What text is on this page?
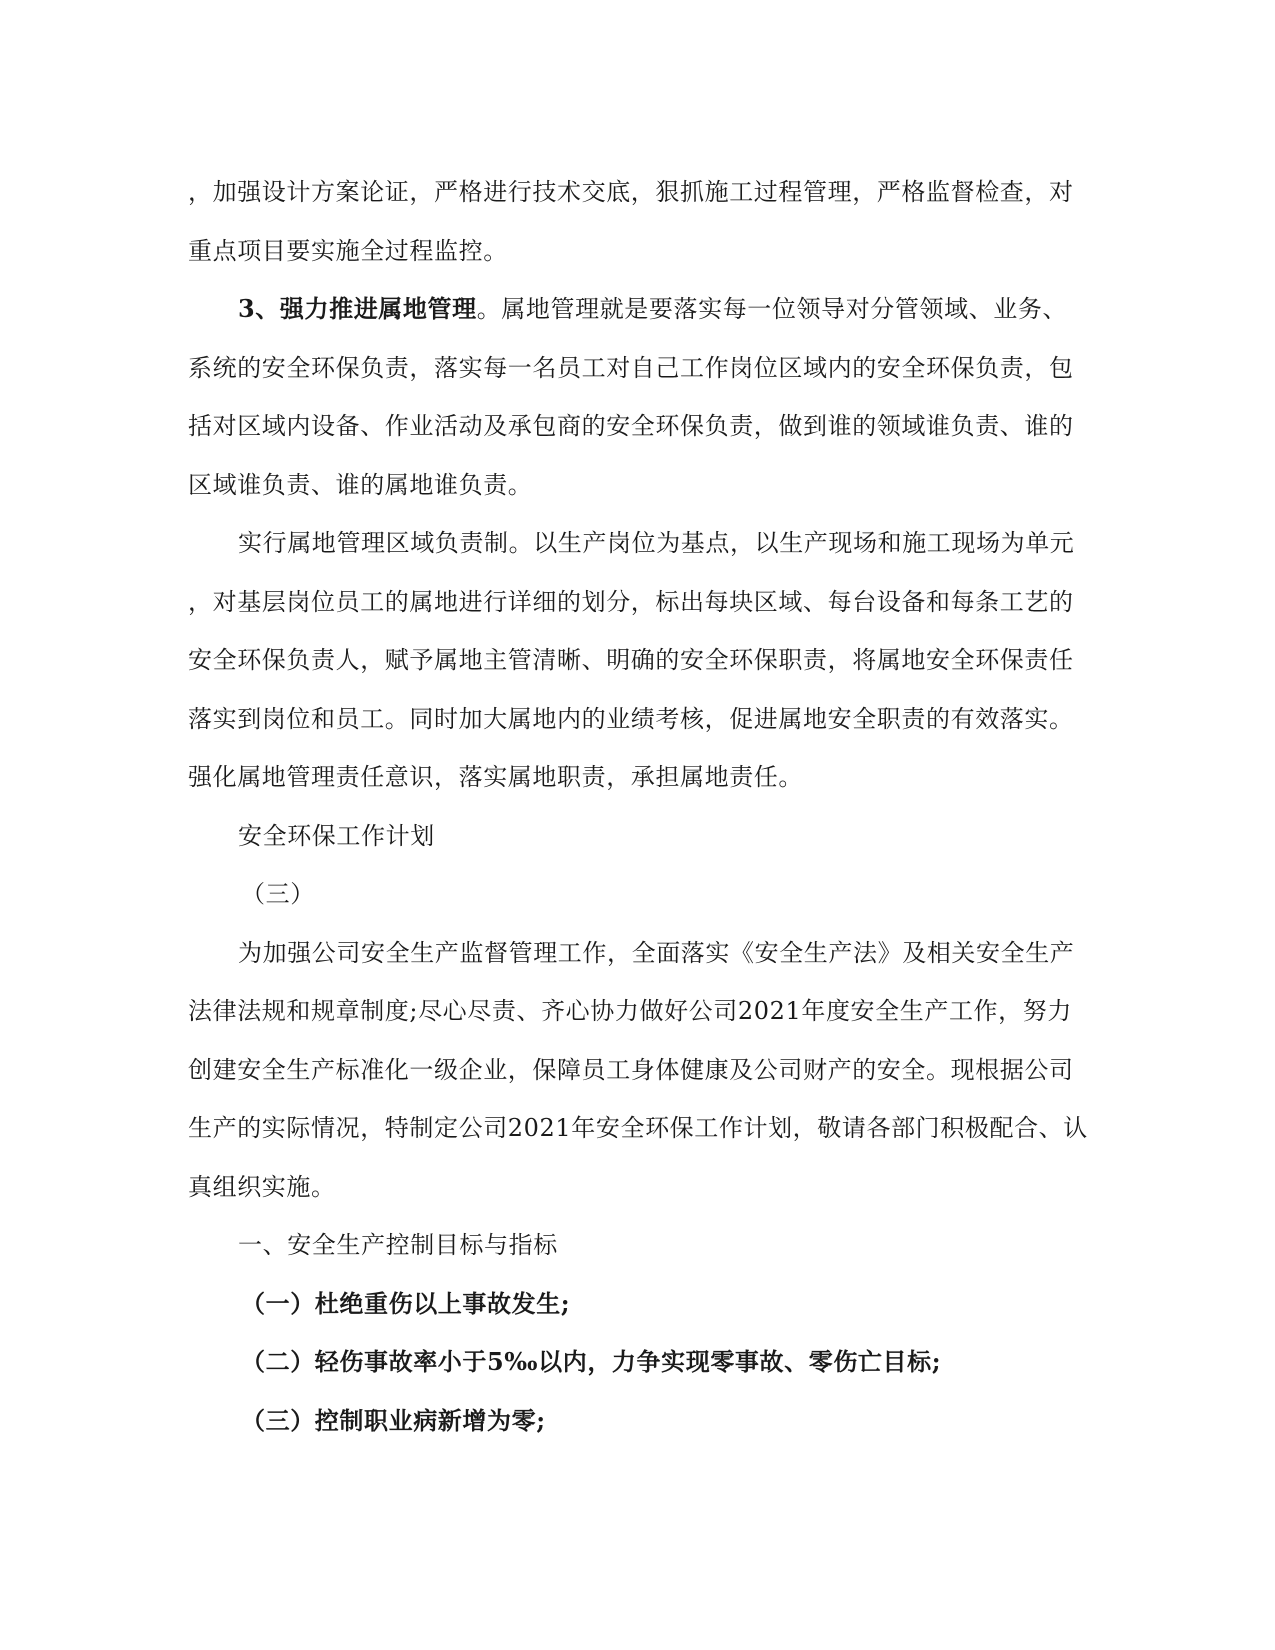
，加强设计方案论证，严格进行技术交底，狠抓施工过程管理，严格监督检查，对
重点项目要实施全过程监控。
3、强力推进属地管理。属地管理就是要落实每一位领导对分管领域、业务、
系统的安全环保负责，落实每一名员工对自己工作岗位区域内的安全环保负责，包
括对区域内设备、作业活动及承包商的安全环保负责，做到谁的领域谁负责、谁的
区域谁负责、谁的属地谁负责。
实行属地管理区域负责制。以生产岗位为基点，以生产现场和施工现场为单元
，对基层岗位员工的属地进行详细的划分，标出每块区域、每台设备和每条工艺的
安全环保负责人，赋予属地主管清晰、明确的安全环保职责，将属地安全环保责任
落实到岗位和员工。同时加大属地内的业绩考核，促进属地安全职责的有效落实。
强化属地管理责任意识，落实属地职责，承担属地责任。
安全环保工作计划
（三）
为加强公司安全生产监督管理工作，全面落实《安全生产法》及相关安全生产
法律法规和规章制度;尽心尽责、齐心协力做好公司2021年度安全生产工作，努力
创建安全生产标准化一级企业，保障员工身体健康及公司财产的安全。现根据公司
生产的实际情况，特制定公司2021年安全环保工作计划，敬请各部门积极配合、认
真组织实施。
一、安全生产控制目标与指标
（一）杜绝重伤以上事故发生;
（二）轻伤事故率小于5‰以内，力争实现零事故、零伤亡目标;
（三）控制职业病新增为零;
